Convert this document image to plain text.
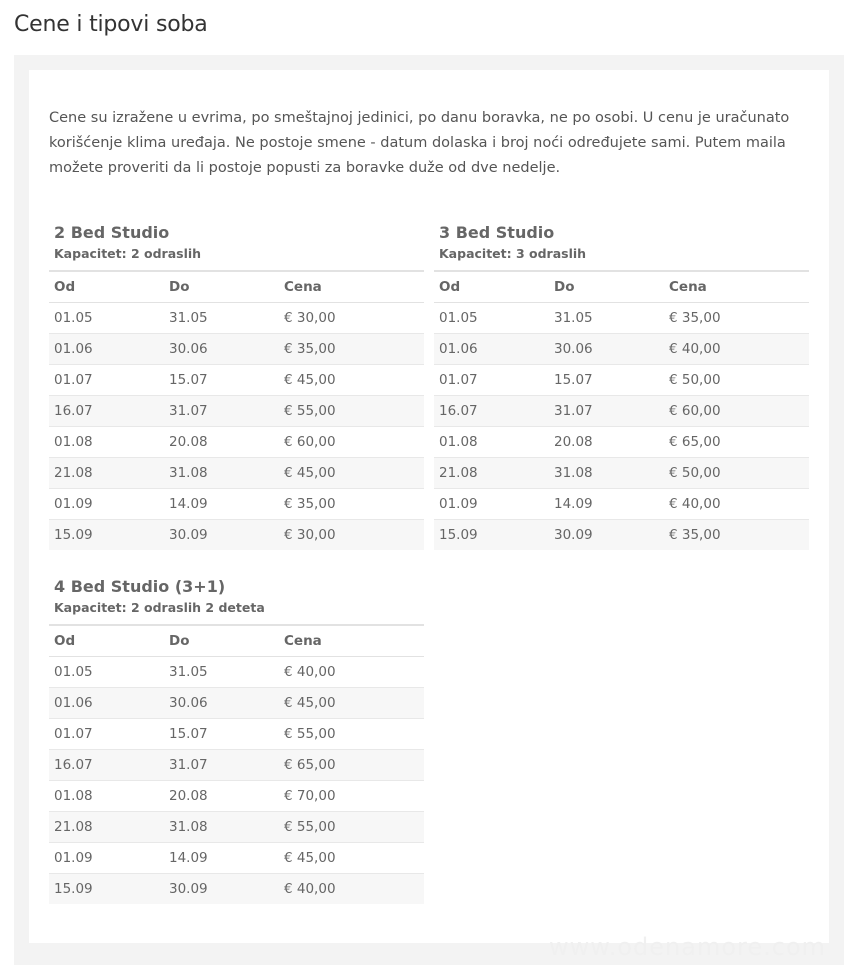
Cene i tipovi soba

Cene su izražene u evrima, po smeštajnoj jedinici, po danu boravka, ne po osobi. U cenu je uračunato korišćenje klima uređaja. Ne postoje smene - datum dolaska i broj noći određujete sami. Putem maila možete proveriti da li postoje popusti za boravke duže od dve nedelje.

2 Bed Studio
Kapacitet: 2 odraslih
Od	Do	Cena
01.05	31.05	€ 30,00
01.06	30.06	€ 35,00
01.07	15.07	€ 45,00
16.07	31.07	€ 55,00
01.08	20.08	€ 60,00
21.08	31.08	€ 45,00
01.09	14.09	€ 35,00
15.09	30.09	€ 30,00
3 Bed Studio
Kapacitet: 3 odraslih
Od	Do	Cena
01.05	31.05	€ 35,00
01.06	30.06	€ 40,00
01.07	15.07	€ 50,00
16.07	31.07	€ 60,00
01.08	20.08	€ 65,00
21.08	31.08	€ 50,00
01.09	14.09	€ 40,00
15.09	30.09	€ 35,00
4 Bed Studio (3+1)
Kapacitet: 2 odraslih 2 deteta
Od	Do	Cena
01.05	31.05	€ 40,00
01.06	30.06	€ 45,00
01.07	15.07	€ 55,00
16.07	31.07	€ 65,00
01.08	20.08	€ 70,00
21.08	31.08	€ 55,00
01.09	14.09	€ 45,00
15.09	30.09	€ 40,00
www.odenamore.com
